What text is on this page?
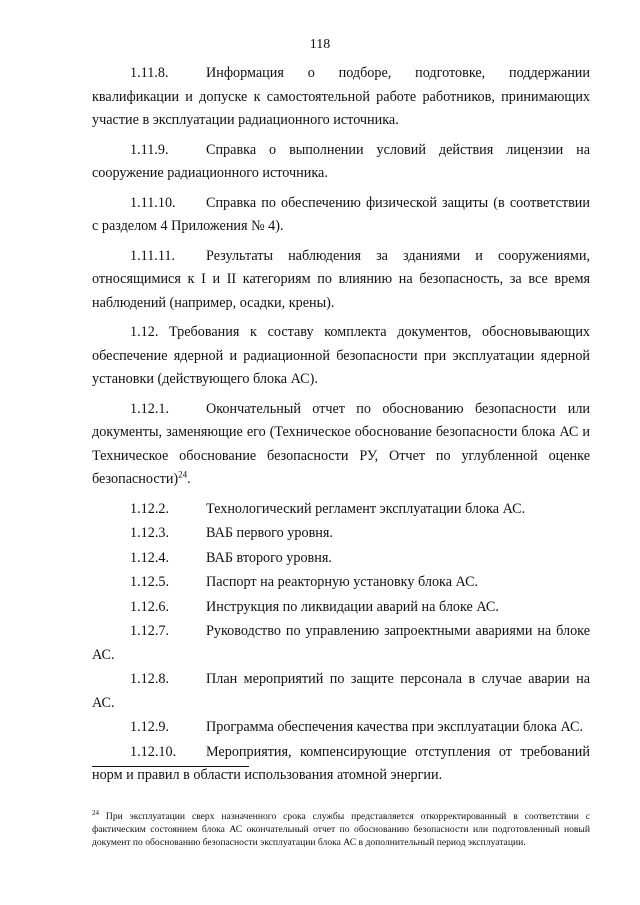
118

1.11.8.	Информация о подборе, подготовке, поддержании квалификации и допуске к самостоятельной работе работников, принимающих участие в эксплуатации радиационного источника.

1.11.9.	Справка о выполнении условий действия лицензии на сооружение радиационного источника.

1.11.10. Справка по обеспечению физической защиты (в соответствии с разделом 4 Приложения № 4).

1.11.11. Результаты наблюдения за зданиями и сооружениями, относящимися к I и II категориям по влиянию на безопасность, за все время наблюдений (например, осадки, крены).

1.12. Требования к составу комплекта документов, обосновывающих обеспечение ядерной и радиационной безопасности при эксплуатации ядерной установки (действующего блока АС).

1.12.1.	Окончательный отчет по обоснованию безопасности или документы, заменяющие его (Техническое обоснование безопасности блока АС и Техническое обоснование безопасности РУ, Отчет по углубленной оценке безопасности)$^{24}$.

1.12.2.	Технологический регламент эксплуатации блока АС.

1.12.3.	ВАБ первого уровня.

1.12.4.	ВАБ второго уровня.

1.12.5.	Паспорт на реакторную установку блока АС.

1.12.6.	Инструкция по ликвидации аварий на блоке АС.

1.12.7.	Руководство по управлению запроектными авариями на блоке АС.

1.12.8.	План мероприятий по защите персонала в случае аварии на АС.

1.12.9.	Программа обеспечения качества при эксплуатации блока АС.

1.12.10. Мероприятия, компенсирующие отступления от требований норм и правил в области использования атомной энергии.

$^{24}$ При эксплуатации сверх назначенного срока службы представляется откорректированный в соответствии с фактическим состоянием блока АС окончательный отчет по обоснованию безопасности или подготовленный новый документ по обоснованию безопасности эксплуатации блока АС в дополнительный период эксплуатации.
